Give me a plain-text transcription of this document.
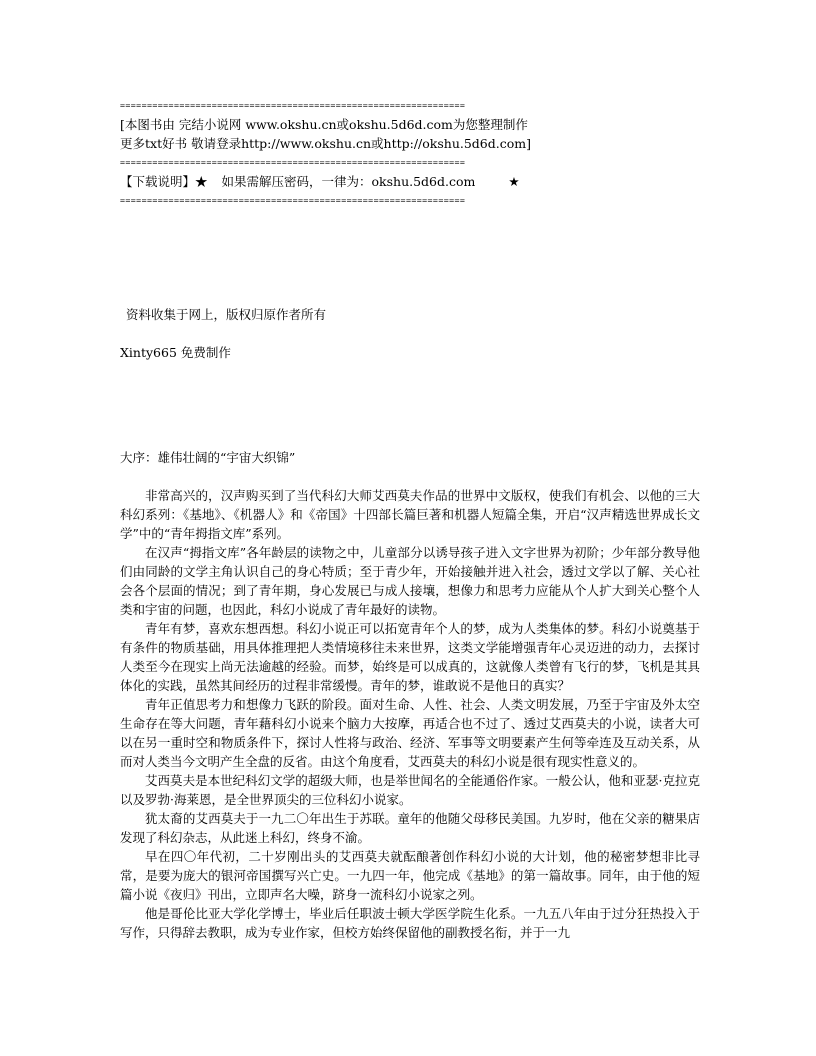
================================================================
[本图书由 完结小说网 www.okshu.cn或okshu.5d6d.com为您整理制作
更多txt好书 敬请登录http://www.okshu.cn或http://okshu.5d6d.com]
================================================================
【下载说明】★ 如果需解压密码，一律为：okshu.5d6d.com	★
================================================================

资料收集于网上，版权归原作者所有

Xinty665 免费制作

大序：雄伟壮阔的“宇宙大织锦”

非常高兴的，汉声购买到了当代科幻大师艾西莫夫作品的世界中文版权，使我们有机会、以他的三大科幻系列：《基地》、《机器人》和《帝国》十四部长篇巨著和机器人短篇全集，开启“汉声精选世界成长文学”中的“青年拇指文库”系列。

在汉声“拇指文库”各年龄层的读物之中，儿童部分以诱导孩子进入文字世界为初阶；少年部分教导他们由同龄的文学主角认识自己的身心特质；至于青少年，开始接触并进入社会，透过文学以了解、关心社会各个层面的情况；到了青年期，身心发展已与成人接壤，想像力和思考力应能从个人扩大到关心整个人类和宇宙的问题，也因此，科幻小说成了青年最好的读物。

青年有梦，喜欢东想西想。科幻小说正可以拓宽青年个人的梦，成为人类集体的梦。科幻小说奠基于有条件的物质基础，用具体推理把人类情境移往未来世界，这类文学能增强青年心灵迈进的动力，去探讨人类至今在现实上尚无法逾越的经验。而梦，始终是可以成真的，这就像人类曾有飞行的梦，飞机是其具体化的实践，虽然其间经历的过程非常缓慢。青年的梦，谁敢说不是他日的真实？

青年正值思考力和想像力飞跃的阶段。面对生命、人性、社会、人类文明发展，乃至于宇宙及外太空生命存在等大问题，青年藉科幻小说来个脑力大按摩，再适合也不过了、透过艾西莫夫的小说，读者大可以在另一重时空和物质条件下，探讨人性将与政治、经济、军事等文明要素产生何等牵连及互动关系，从而对人类当今文明产生全盘的反省。由这个角度看，艾西莫夫的科幻小说是很有现实性意义的。

艾西莫夫是本世纪科幻文学的超级大师，也是举世闻名的全能通俗作家。一般公认，他和亚瑟·克拉克以及罗勃·海莱恩，是全世界顶尖的三位科幻小说家。

犹太裔的艾西莫夫于一九二〇年出生于苏联。童年的他随父母移民美国。九岁时，他在父亲的糖果店发现了科幻杂志，从此迷上科幻，终身不渝。

早在四〇年代初，二十岁刚出头的艾西莫夫就酝酿著创作科幻小说的大计划，他的秘密梦想非比寻常，是要为庞大的银河帝国撰写兴亡史。一九四一年，他完成《基地》的第一篇故事。同年，由于他的短篇小说《夜归》刊出，立即声名大噪，跻身一流科幻小说家之列。

他是哥伦比亚大学化学博士，毕业后任职波士顿大学医学院生化系。一九五八年由于过分狂热投入于写作，只得辞去教职，成为专业作家，但校方始终保留他的副教授名衔，并于一九
